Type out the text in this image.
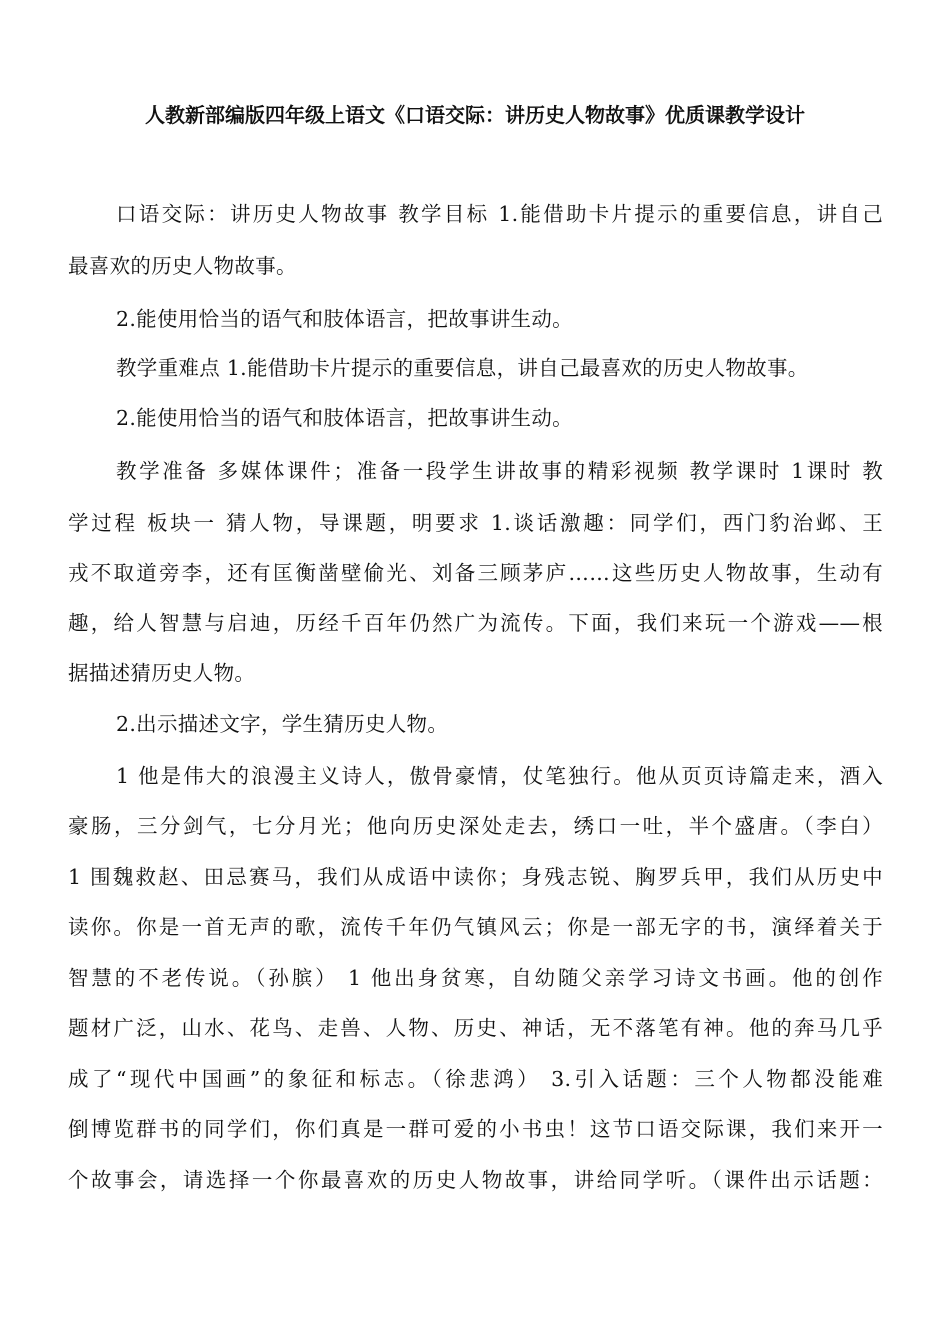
人教新部编版四年级上语文《口语交际：讲历史人物故事》优质课教学设计
口语交际：讲历史人物故事 教学目标 1.能借助卡片提示的重要信息，讲自己
最喜欢的历史人物故事。
2.能使用恰当的语气和肢体语言，把故事讲生动。
教学重难点 1.能借助卡片提示的重要信息，讲自己最喜欢的历史人物故事。
2.能使用恰当的语气和肢体语言，把故事讲生动。
教学准备 多媒体课件；准备一段学生讲故事的精彩视频 教学课时 1课时 教
学过程 板块一 猜人物，导课题，明要求 1.谈话激趣：同学们，西门豹治邺、王
戎不取道旁李，还有匡衡凿壁偷光、刘备三顾茅庐……这些历史人物故事，生动有
趣，给人智慧与启迪，历经千百年仍然广为流传。下面，我们来玩一个游戏——根
据描述猜历史人物。
2.出示描述文字，学生猜历史人物。
1 他是伟大的浪漫主义诗人，傲骨豪情，仗笔独行。他从页页诗篇走来，酒入
豪肠，三分剑气，七分月光；他向历史深处走去，绣口一吐，半个盛唐。（李白）
1 围魏救赵、田忌赛马，我们从成语中读你；身残志锐、胸罗兵甲，我们从历史中
读你。你是一首无声的歌，流传千年仍气镇风云；你是一部无字的书，演绎着关于
智慧的不老传说。（孙膑） 1 他出身贫寒，自幼随父亲学习诗文书画。他的创作
题材广泛，山水、花鸟、走兽、人物、历史、神话，无不落笔有神。他的奔马几乎
成了“现代中国画”的象征和标志。（徐悲鸿） 3.引入话题：三个人物都没能难
倒博览群书的同学们，你们真是一群可爱的小书虫！这节口语交际课，我们来开一
个故事会，请选择一个你最喜欢的历史人物故事，讲给同学听。（课件出示话题：
